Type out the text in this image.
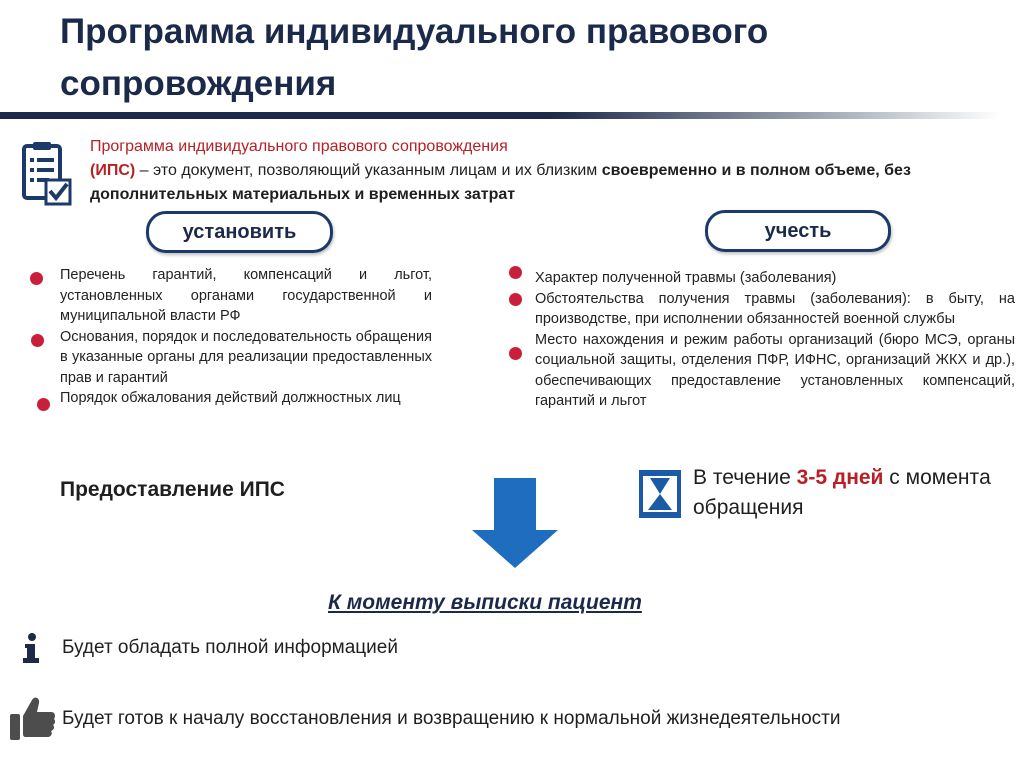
Программа индивидуального правового
сопровождения
Программа индивидуального правового сопровождения
(ИПС) – это документ, позволяющий указанным лицам и их близким своевременно и в полном объеме, без дополнительных материальных и временных затрат
установить	учесть

Перечень гарантий, компенсаций и льгот, установленных органами государственной и муниципальной власти РФ

Основания, порядок и последовательность обращения в указанные органы для реализации предоставленных прав и гарантий

Порядок обжалования действий должностных лиц

Характер полученной травмы (заболевания)

Обстоятельства получения травмы (заболевания): в быту, на производстве, при исполнении обязанностей военной службы

Место нахождения и режим работы организаций (бюро МСЭ, органы социальной защиты, отделения ПФР, ИФНС, организаций ЖКХ и др.), обеспечивающих предоставление установленных компенсаций, гарантий и льгот

Предоставление ИПС
В течение 3-5 дней с моментa обращения
К моменту выписки пациент
Будет обладать полной информацией
Будет готов к началу восстановления и возвращению к нормальной жизнедеятельности
